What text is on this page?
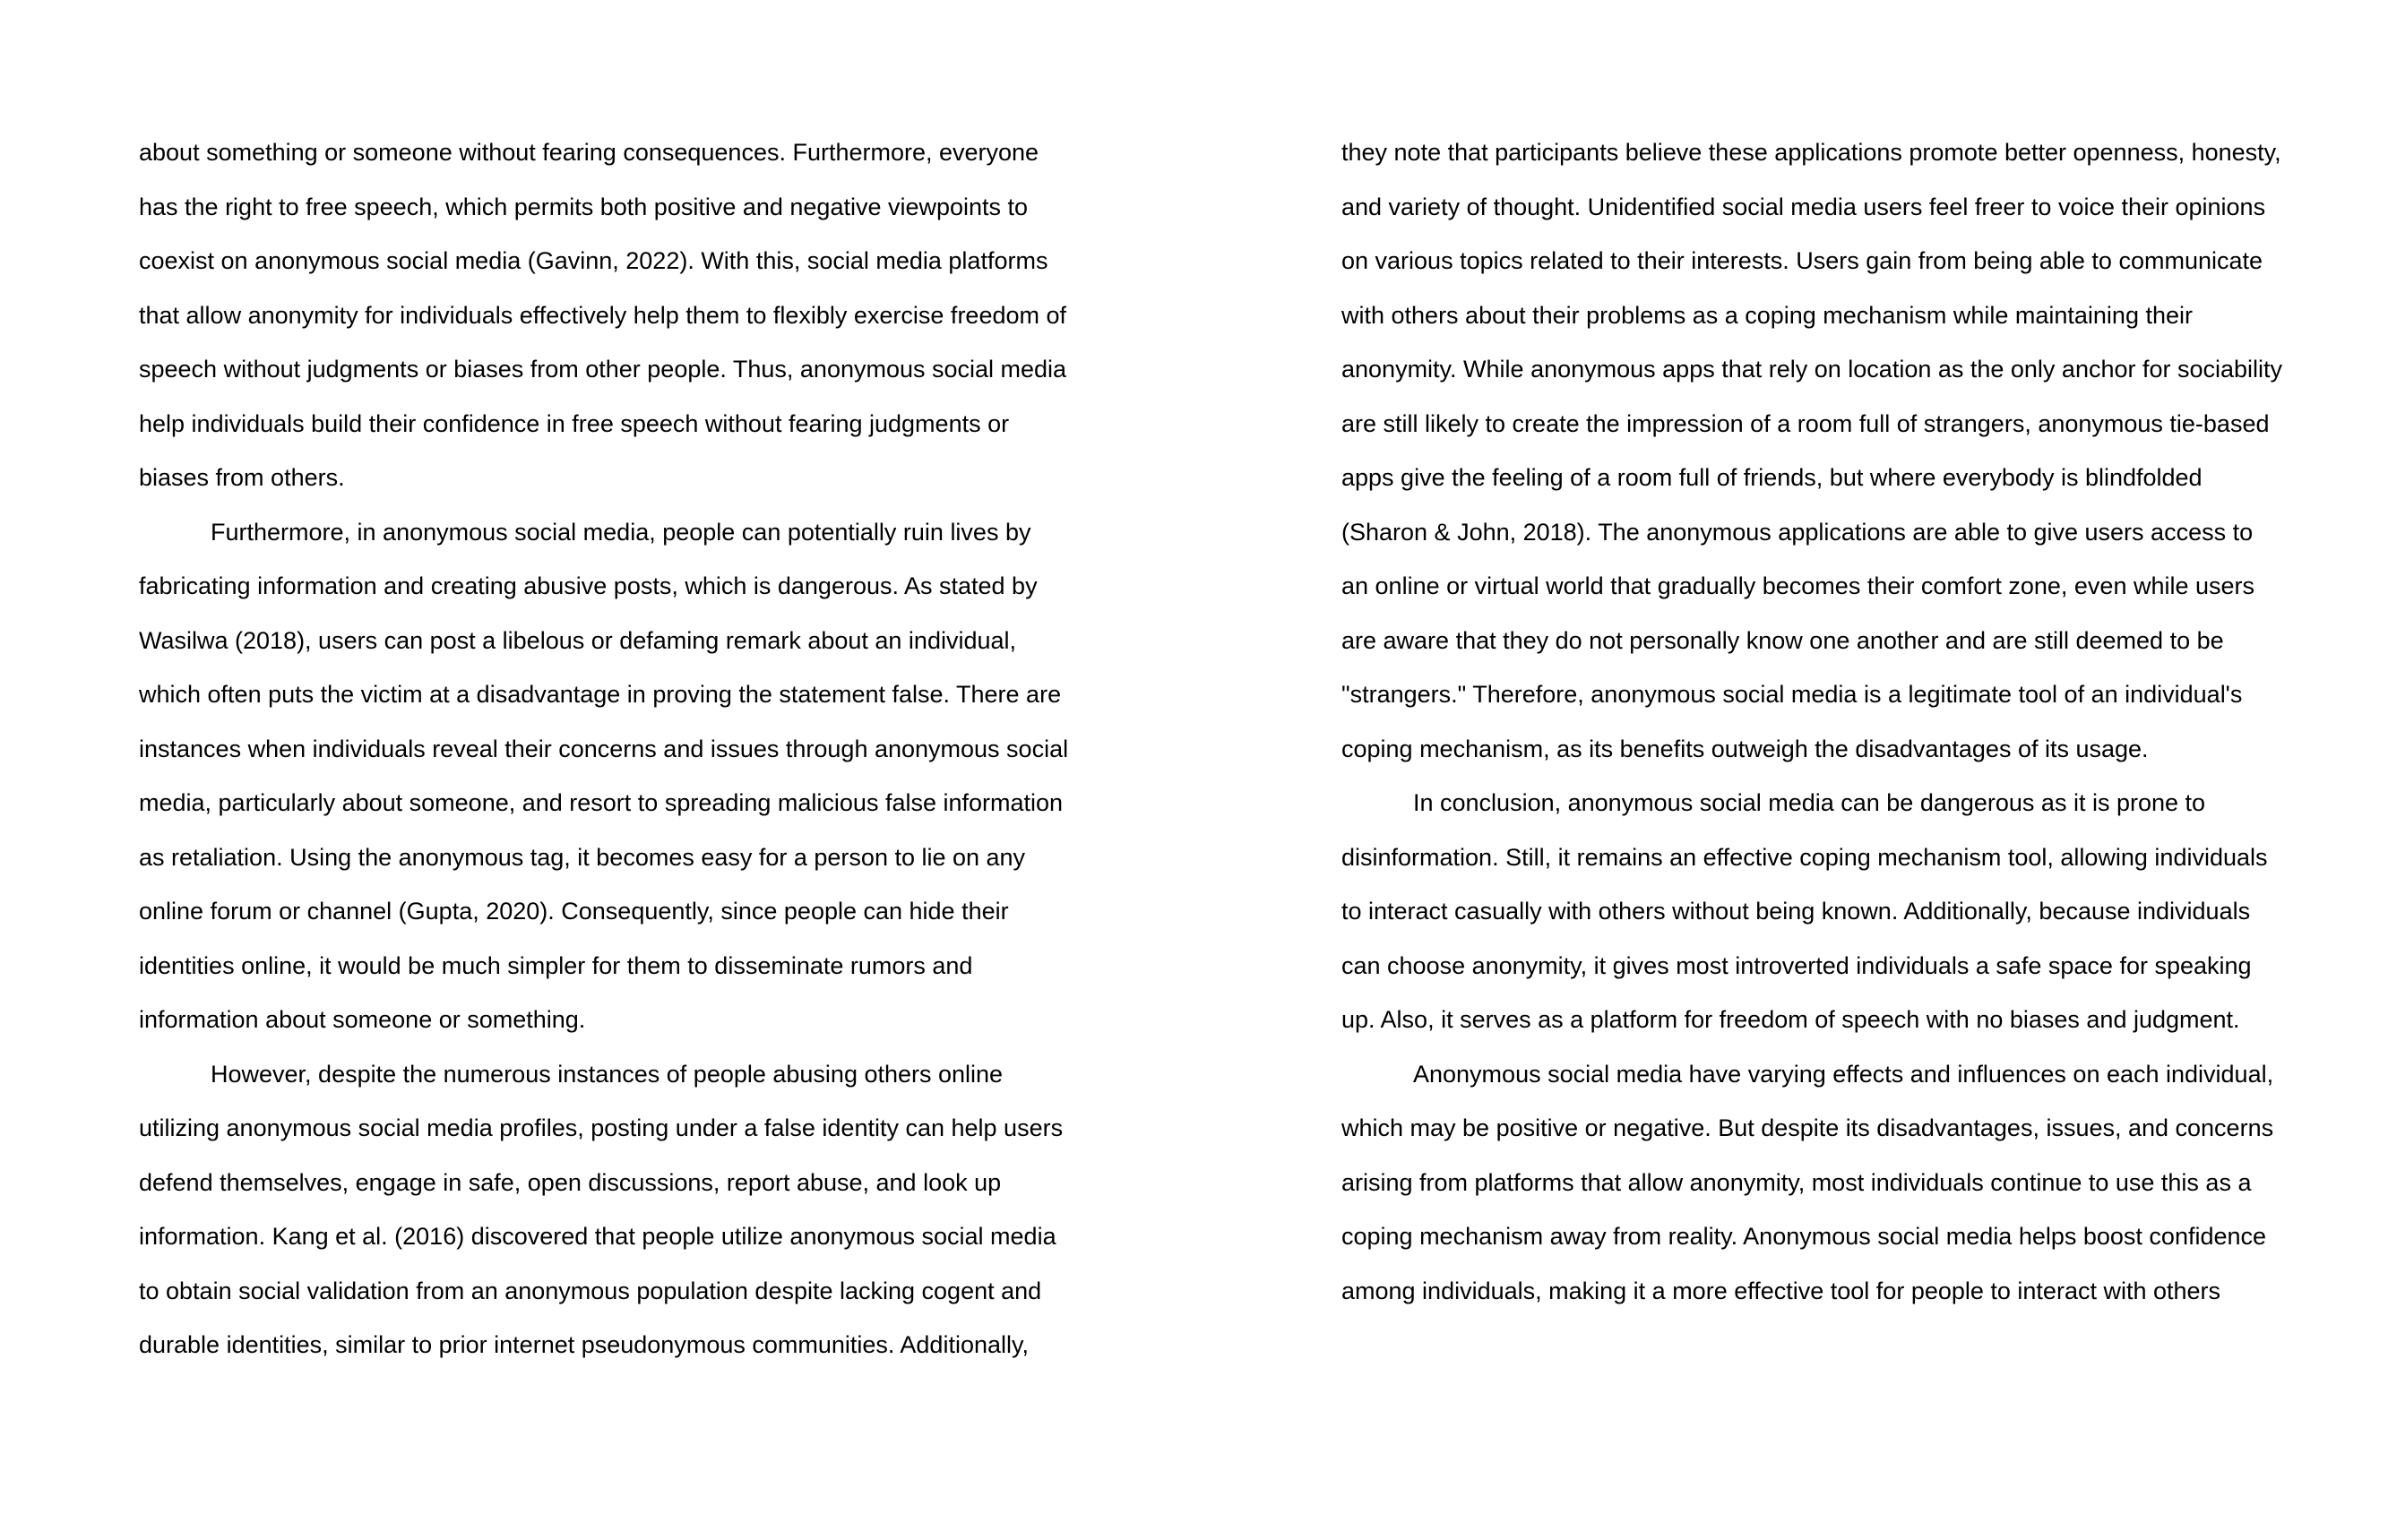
about something or someone without fearing consequences. Furthermore, everyone
has the right to free speech, which permits both positive and negative viewpoints to
coexist on anonymous social media (Gavinn, 2022). With this, social media platforms
that allow anonymity for individuals effectively help them to flexibly exercise freedom of
speech without judgments or biases from other people. Thus, anonymous social media
help individuals build their confidence in free speech without fearing judgments or
biases from others.
Furthermore, in anonymous social media, people can potentially ruin lives by
fabricating information and creating abusive posts, which is dangerous. As stated by
Wasilwa (2018), users can post a libelous or defaming remark about an individual,
which often puts the victim at a disadvantage in proving the statement false. There are
instances when individuals reveal their concerns and issues through anonymous social
media, particularly about someone, and resort to spreading malicious false information
as retaliation. Using the anonymous tag, it becomes easy for a person to lie on any
online forum or channel (Gupta, 2020). Consequently, since people can hide their
identities online, it would be much simpler for them to disseminate rumors and
information about someone or something.
However, despite the numerous instances of people abusing others online
utilizing anonymous social media profiles, posting under a false identity can help users
defend themselves, engage in safe, open discussions, report abuse, and look up
information. Kang et al. (2016) discovered that people utilize anonymous social media
to obtain social validation from an anonymous population despite lacking cogent and
durable identities, similar to prior internet pseudonymous communities. Additionally,
they note that participants believe these applications promote better openness, honesty,
and variety of thought. Unidentified social media users feel freer to voice their opinions
on various topics related to their interests. Users gain from being able to communicate
with others about their problems as a coping mechanism while maintaining their
anonymity. While anonymous apps that rely on location as the only anchor for sociability
are still likely to create the impression of a room full of strangers, anonymous tie-based
apps give the feeling of a room full of friends, but where everybody is blindfolded
(Sharon & John, 2018). The anonymous applications are able to give users access to
an online or virtual world that gradually becomes their comfort zone, even while users
are aware that they do not personally know one another and are still deemed to be
"strangers." Therefore, anonymous social media is a legitimate tool of an individual's
coping mechanism, as its benefits outweigh the disadvantages of its usage.
In conclusion, anonymous social media can be dangerous as it is prone to
disinformation. Still, it remains an effective coping mechanism tool, allowing individuals
to interact casually with others without being known. Additionally, because individuals
can choose anonymity, it gives most introverted individuals a safe space for speaking
up. Also, it serves as a platform for freedom of speech with no biases and judgment.
Anonymous social media have varying effects and influences on each individual,
which may be positive or negative. But despite its disadvantages, issues, and concerns
arising from platforms that allow anonymity, most individuals continue to use this as a
coping mechanism away from reality. Anonymous social media helps boost confidence
among individuals, making it a more effective tool for people to interact with others
